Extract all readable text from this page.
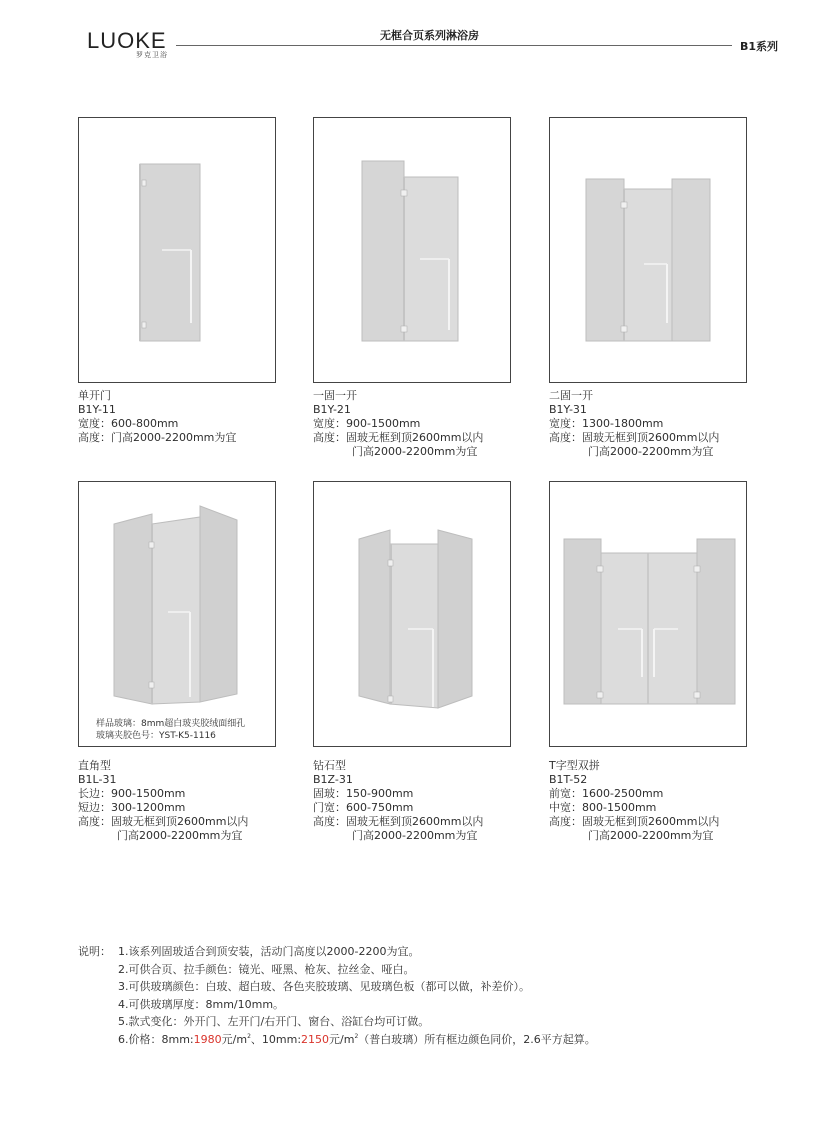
LUOKE
罗克卫浴
无框合页系列淋浴房
B1系列
单开门
B1Y-11
宽度：600-800mm
高度：门高2000-2200mm为宜
一固一开
B1Y-21
宽度：900-1500mm
高度：固玻无框到顶2600mm以内
门高2000-2200mm为宜
二固一开
B1Y-31
宽度：1300-1800mm
高度：固玻无框到顶2600mm以内
门高2000-2200mm为宜
样品玻璃：8mm超白玻夹胶绒面细孔
玻璃夹胶色号：YST-K5-1116
直角型
B1L-31
长边：900-1500mm
短边：300-1200mm
高度：固玻无框到顶2600mm以内
门高2000-2200mm为宜
钻石型
B1Z-31
固玻：150-900mm
门宽：600-750mm
高度：固玻无框到顶2600mm以内
门高2000-2200mm为宜
T字型双拼
B1T-52
前宽：1600-2500mm
中宽：800-1500mm
高度：固玻无框到顶2600mm以内
门高2000-2200mm为宜
说明： 1.该系列固玻适合到顶安装，活动门高度以2000-2200为宜。
2.可供合页、拉手颜色：镜光、哑黑、枪灰、拉丝金、哑白。
3.可供玻璃颜色：白玻、超白玻、各色夹胶玻璃、见玻璃色板（都可以做，补差价）。
4.可供玻璃厚度：8mm/10mm。
5.款式变化：外开门、左开门/右开门、窗台、浴缸台均可订做。
6.价格：8mm:1980元$/m^2$、10mm:2150元$/m^2$（普白玻璃）所有框边颜色同价，2.6平方起算。
